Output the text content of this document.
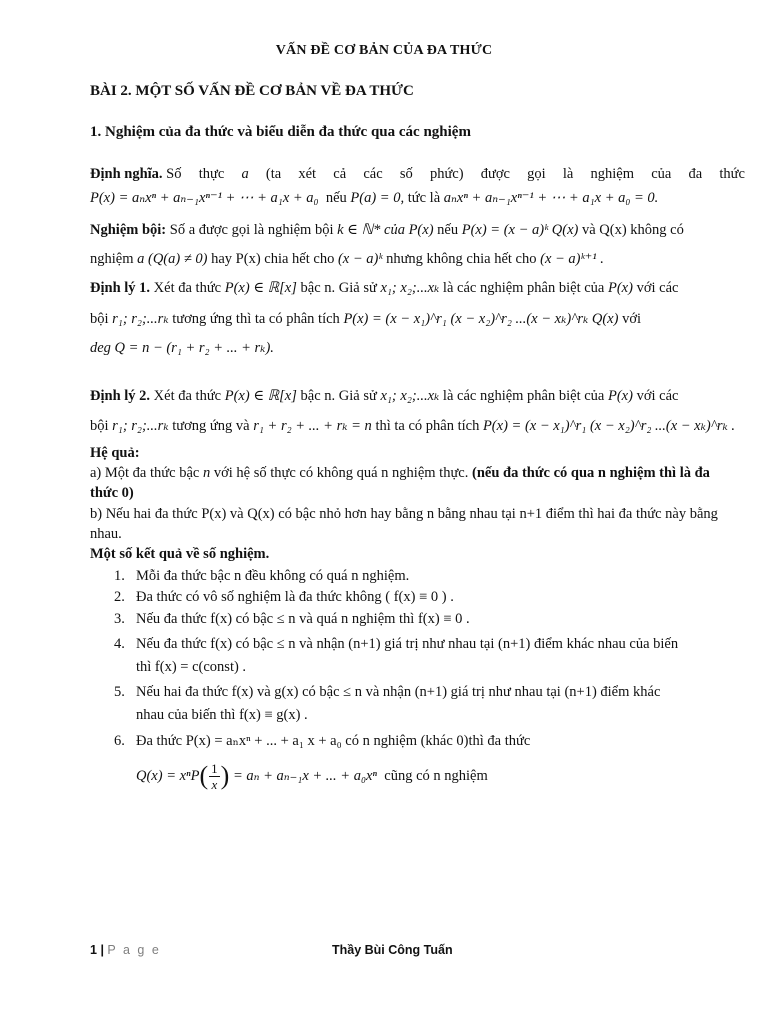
VẤN ĐỀ CƠ BẢN CỦA ĐA THỨC
BÀI 2. MỘT SỐ VẤN ĐỀ CƠ BẢN VỀ ĐA THỨC
1. Nghiệm của đa thức và biểu diễn đa thức qua các nghiệm
Định nghĩa. Số thực a (ta xét cả các số phức) được gọi là nghiệm của đa thức
P(x) = aₙxⁿ + aₙ₋₁xⁿ⁻¹ + ⋯ + a₁x + a₀ nếu P(a) = 0, tức là aₙxⁿ + aₙ₋₁xⁿ⁻¹ + ⋯ + a₁x + a₀ = 0.
Nghiệm bội: Số a được gọi là nghiệm bội k ∈ ℕ* của P(x) nếu P(x) = (x − a)ᵏ Q(x) và Q(x) không có
nghiệm a (Q(a) ≠ 0) hay P(x) chia hết cho (x − a)ᵏ nhưng không chia hết cho (x − a)ᵏ⁺¹ .
Định lý 1. Xét đa thức P(x) ∈ ℝ[x] bậc n. Giả sử x₁; x₂;...xₖ là các nghiệm phân biệt của P(x) với các
bội r₁; r₂;...rₖ tương ứng thì ta có phân tích P(x) = (x − x₁)^r₁ (x − x₂)^r₂ ...(x − xₖ)^rₖ Q(x) với
deg Q = n − (r₁ + r₂ + ... + rₖ).
Định lý 2. Xét đa thức P(x) ∈ ℝ[x] bậc n. Giả sử x₁; x₂;...xₖ là các nghiệm phân biệt của P(x) với các
bội r₁; r₂;...rₖ tương ứng và r₁ + r₂ + ... + rₖ = n thì ta có phân tích P(x) = (x − x₁)^r₁ (x − x₂)^r₂ ...(x − xₖ)^rₖ .
Hệ quả:
a) Một đa thức bậc n với hệ số thực có không quá n nghiệm thực. (nếu đa thức có qua n nghiệm thì là đa
thức 0)
b) Nếu hai đa thức P(x) và Q(x) có bậc nhỏ hơn hay bằng n bằng nhau tại n+1 điểm thì hai đa thức này bằng
nhau.
Một số kết quả về số nghiệm.
1. Mỗi đa thức bậc n đều không có quá n nghiệm.
2. Đa thức có vô số nghiệm là đa thức không ( f(x) ≡ 0 ) .
3. Nếu đa thức f(x) có bậc ≤ n và quá n nghiệm thì f(x) ≡ 0 .
4. Nếu đa thức f(x) có bậc ≤ n và nhận (n+1) giá trị như nhau tại (n+1) điểm khác nhau của biến
thì f(x) = c(const) .
5. Nếu hai đa thức f(x) và g(x) có bậc ≤ n và nhận (n+1) giá trị như nhau tại (n+1) điểm khác
nhau của biến thì f(x) ≡ g(x) .
6. Đa thức P(x) = aₙxⁿ + ... + a₁ x + a₀ có n nghiệm (khác 0)thì đa thức
Q(x) = xⁿP ( $\frac{1}{x}$ )
= aₙ + aₙ₋₁x + ... + a₀xⁿ
cũng có n nghiệm
1 | P a g e	Thầy Bùi Công Tuấn
